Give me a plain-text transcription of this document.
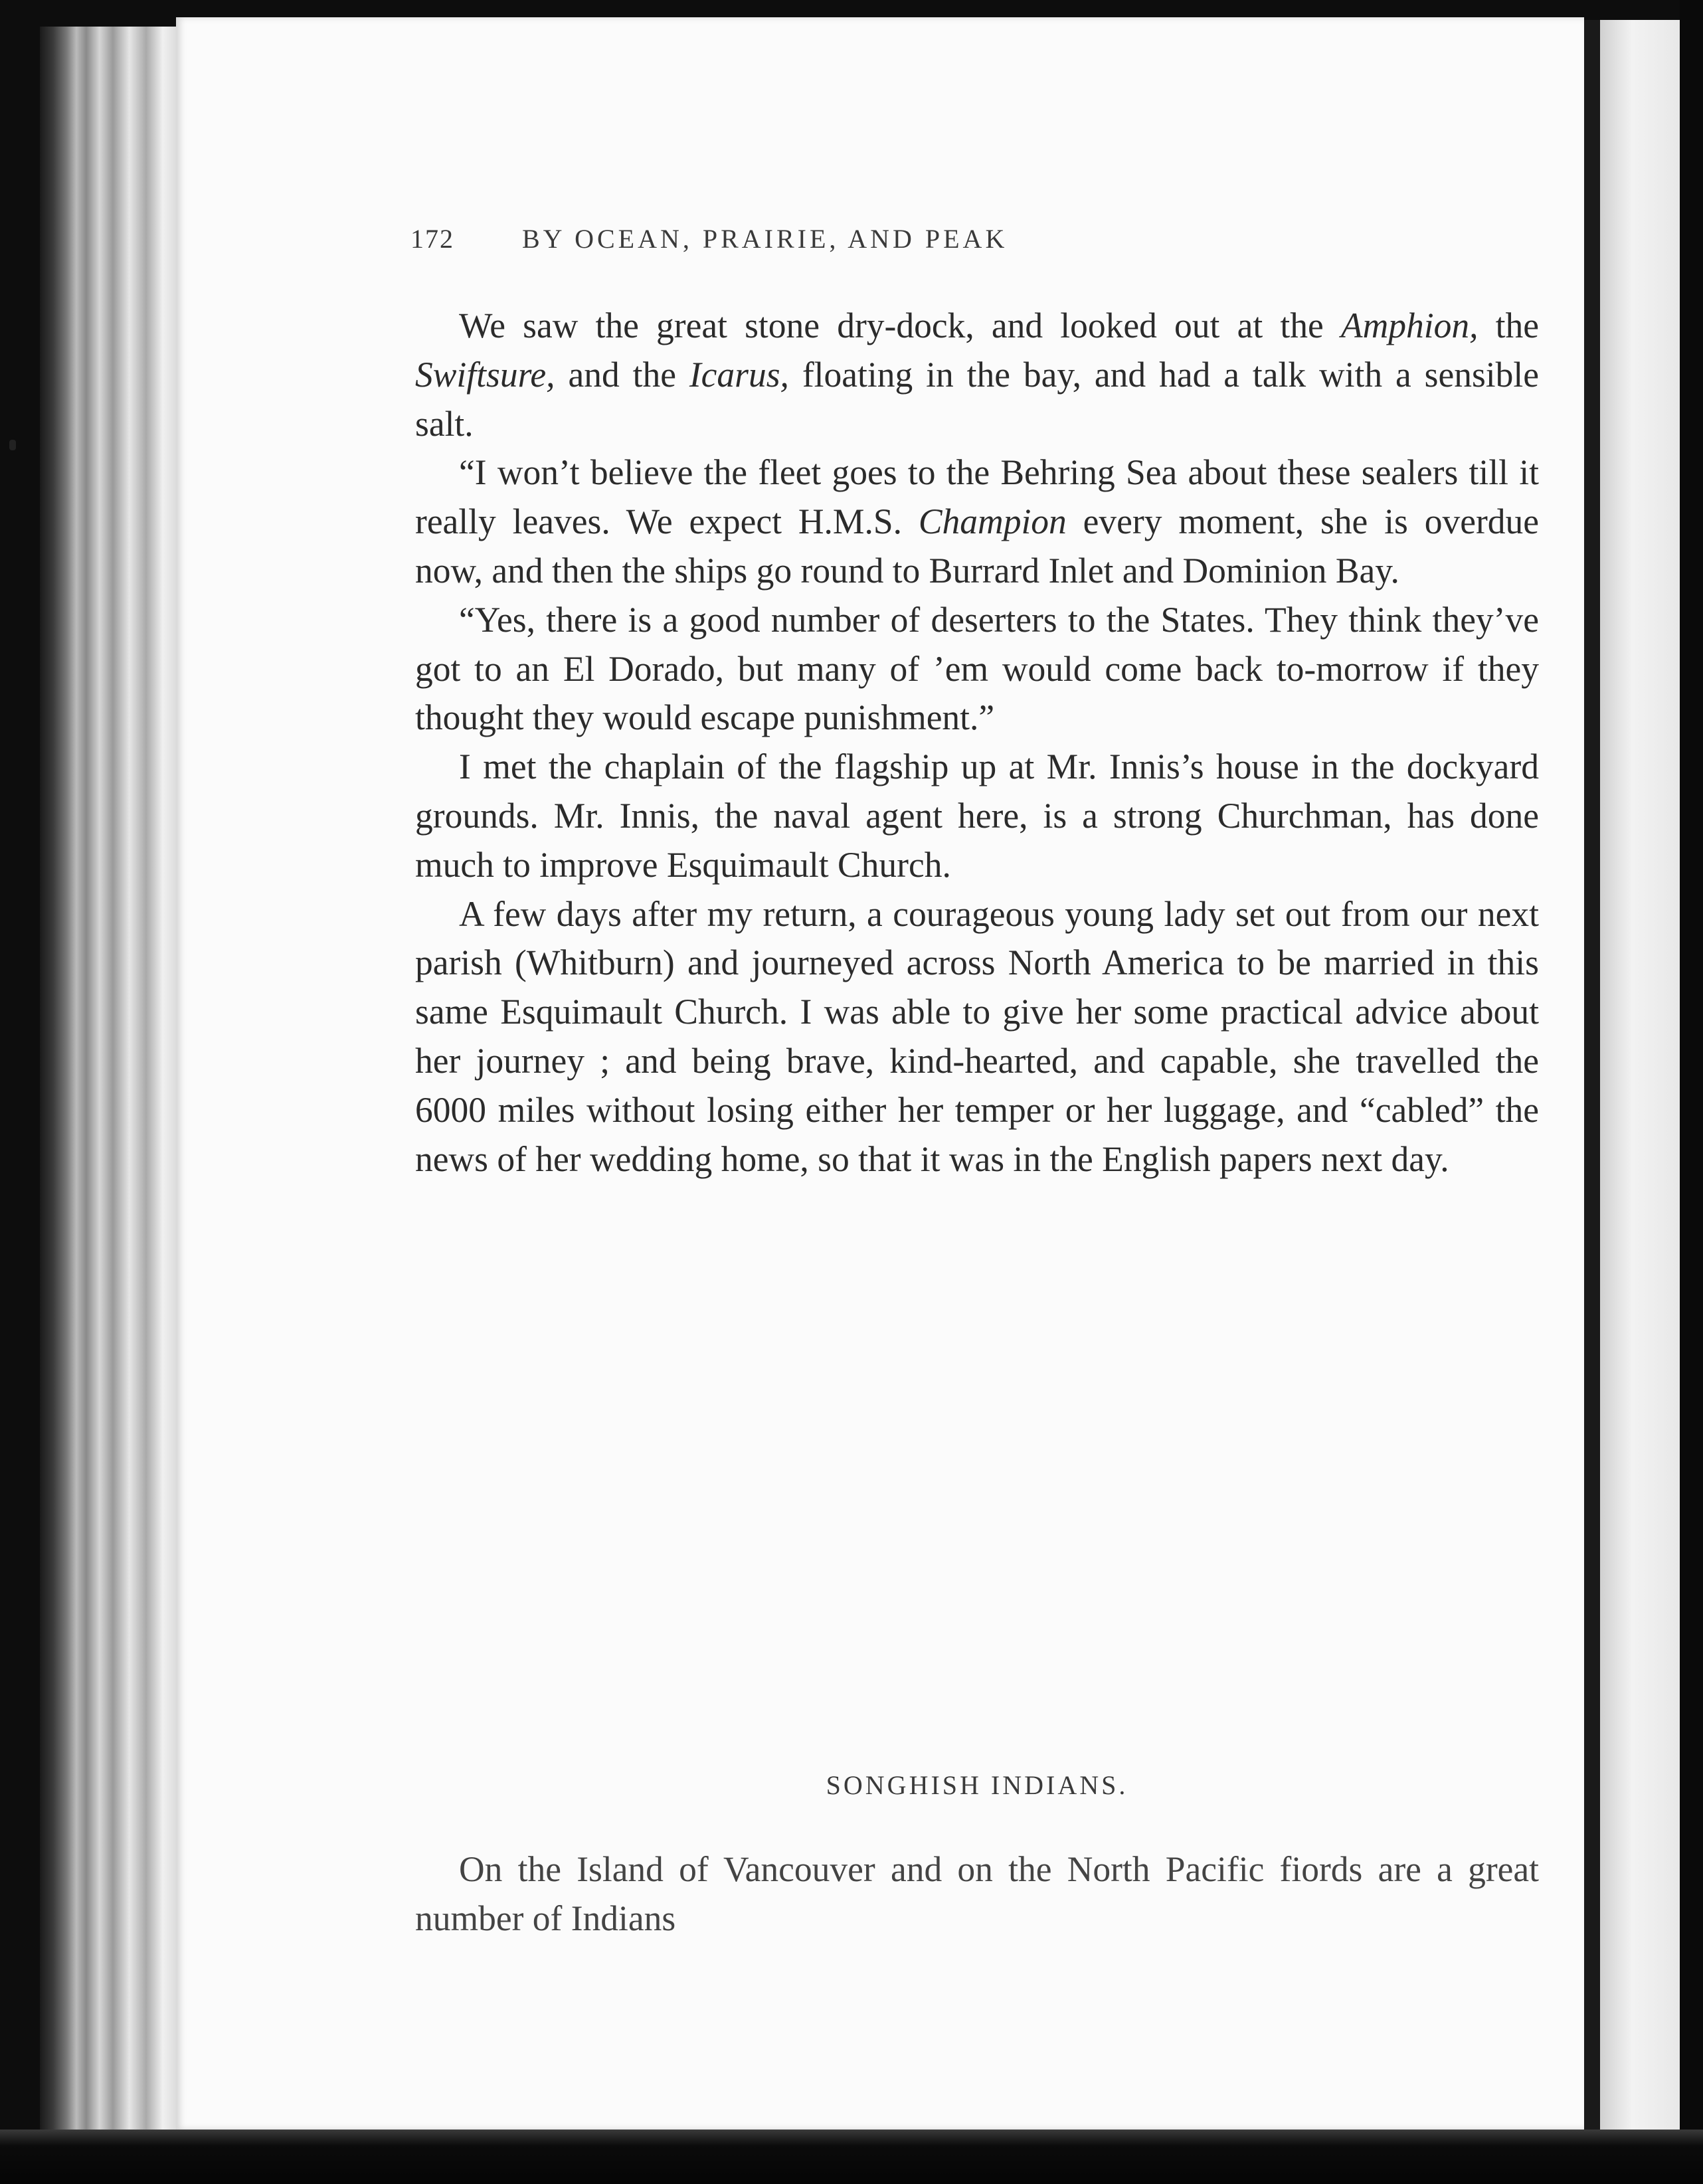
172	BY OCEAN, PRAIRIE, AND PEAK

We saw the great stone dry-dock, and looked out at the Amphion, the Swiftsure, and the Icarus, floating in the bay, and had a talk with a sensible salt.

“I won’t believe the fleet goes to the Behring Sea about these sealers till it really leaves. We expect H.M.S. Champion every moment, she is overdue now, and then the ships go round to Burrard Inlet and Dominion Bay.

“Yes, there is a good number of deserters to the States. They think they’ve got to an El Dorado, but many of ’em would come back to-morrow if they thought they would escape punishment.”

I met the chaplain of the flagship up at Mr. Innis’s house in the dockyard grounds. Mr. Innis, the naval agent here, is a strong Churchman, has done much to improve Esquimault Church.

A few days after my return, a courageous young lady set out from our next parish (Whitburn) and journeyed across North America to be married in this same Esquimault Church. I was able to give her some practical advice about her journey ; and being brave, kind-hearted, and capable, she travelled the 6000 miles without losing either her temper or her luggage, and “cabled” the news of her wedding home, so that it was in the English papers next day.

SONGHISH INDIANS.

On the Island of Vancouver and on the North Pacific fiords are a great number of Indians
